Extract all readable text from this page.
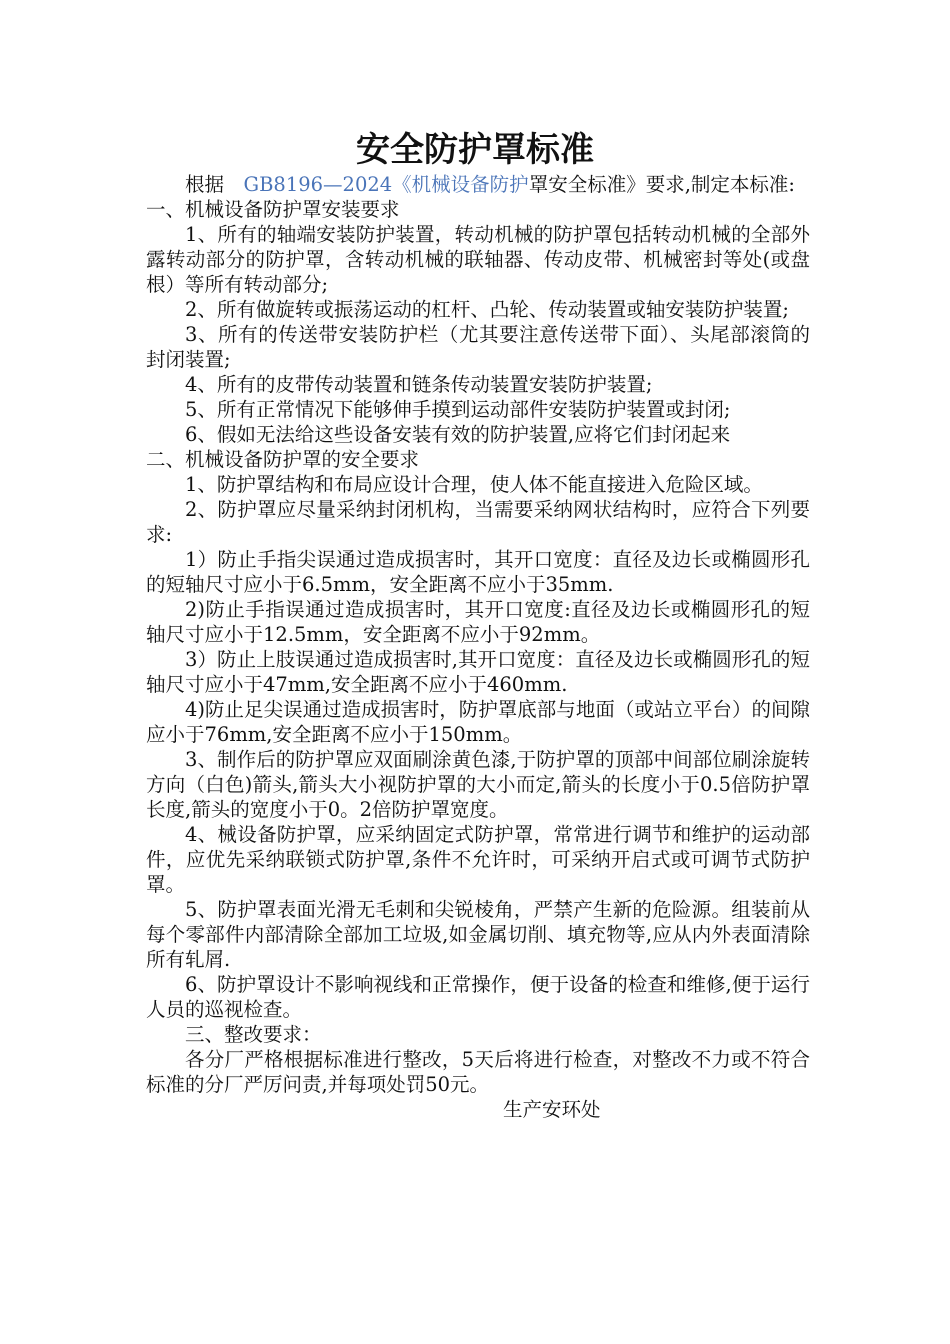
安全防护罩标准

根据　GB8196—2024《机械设备防护罩安全标准》要求,制定本标准:

一、机械设备防护罩安装要求

1、所有的轴端安装防护装置，转动机械的防护罩包括转动机械的全部外露转动部分的防护罩，含转动机械的联轴器、传动皮带、机械密封等处(或盘根）等所有转动部分;

2、所有做旋转或振荡运动的杠杆、凸轮、传动装置或轴安装防护装置;

3、所有的传送带安装防护栏（尤其要注意传送带下面）、头尾部滚筒的封闭装置;

4、所有的皮带传动装置和链条传动装置安装防护装置;

5、所有正常情况下能够伸手摸到运动部件安装防护装置或封闭;

6、假如无法给这些设备安装有效的防护装置,应将它们封闭起来

二、机械设备防护罩的安全要求

1、防护罩结构和布局应设计合理，使人体不能直接进入危险区域。

2、防护罩应尽量采纳封闭机构，当需要采纳网状结构时，应符合下列要求:

1）防止手指尖误通过造成损害时，其开口宽度：直径及边长或椭圆形孔的短轴尺寸应小于6.5mm，安全距离不应小于35mm.

2)防止手指误通过造成损害时，其开口宽度:直径及边长或椭圆形孔的短轴尺寸应小于12.5mm，安全距离不应小于92mm。

3）防止上肢误通过造成损害时,其开口宽度：直径及边长或椭圆形孔的短轴尺寸应小于47mm,安全距离不应小于460mm.

4)防止足尖误通过造成损害时，防护罩底部与地面（或站立平台）的间隙应小于76mm,安全距离不应小于150mm。

3、制作后的防护罩应双面刷涂黄色漆,于防护罩的顶部中间部位刷涂旋转方向（白色)箭头,箭头大小视防护罩的大小而定,箭头的长度小于0.5倍防护罩长度,箭头的宽度小于0。2倍防护罩宽度。

4、械设备防护罩，应采纳固定式防护罩，常常进行调节和维护的运动部件，应优先采纳联锁式防护罩,条件不允许时，可采纳开启式或可调节式防护罩。

5、防护罩表面光滑无毛刺和尖锐棱角，严禁产生新的危险源。组装前从每个零部件内部清除全部加工垃圾,如金属切削、填充物等,应从内外表面清除所有轧屑.

6、防护罩设计不影响视线和正常操作，便于设备的检查和维修,便于运行人员的巡视检查。

三、整改要求：

各分厂严格根据标准进行整改，5天后将进行检查，对整改不力或不符合标准的分厂严厉问责,并每项处罚50元。

生产安环处
